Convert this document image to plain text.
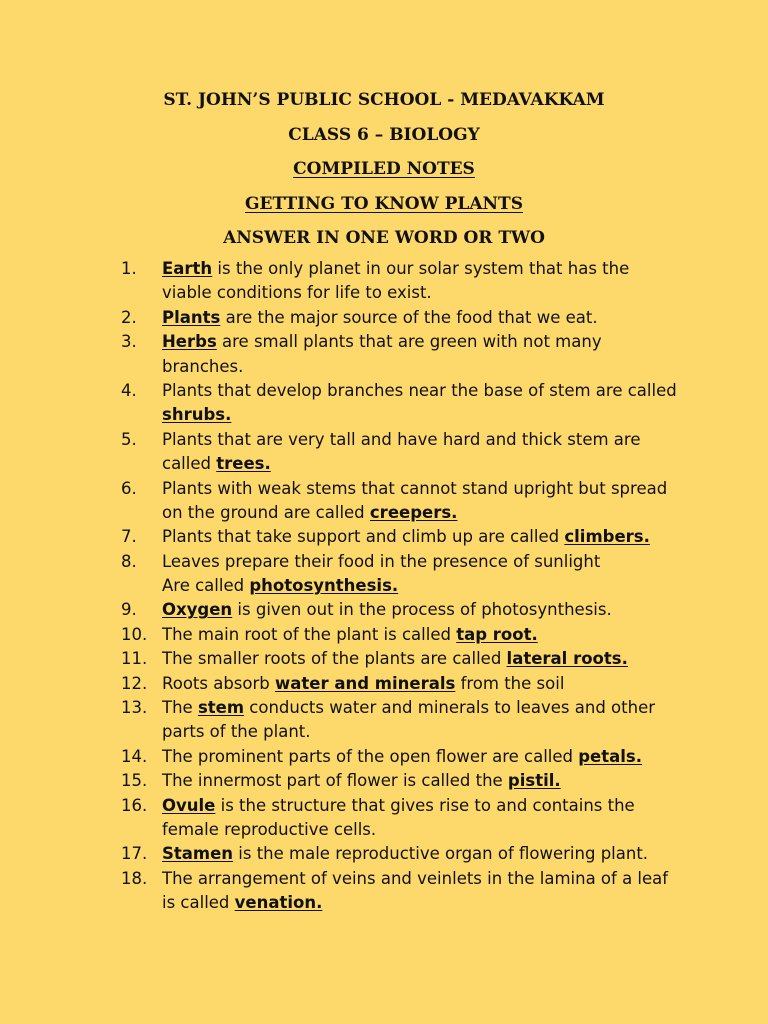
ST. JOHN’S PUBLIC SCHOOL - MEDAVAKKAM
CLASS 6 – BIOLOGY
COMPILED NOTES
GETTING TO KNOW PLANTS
ANSWER IN ONE WORD OR TWO
1.	Earth is the only planet in our solar system that has the
viable conditions for life to exist.
2.	Plants are the major source of the food that we eat.
3.	Herbs are small plants that are green with not many
branches.
4.	Plants that develop branches near the base of stem are called
shrubs.
5.	Plants that are very tall and have hard and thick stem are
called trees.
6.	Plants with weak stems that cannot stand upright but spread
on the ground are called creepers.
7.	Plants that take support and climb up are called climbers.
8.	Leaves prepare their food in the presence of sunlight
Are called photosynthesis.
9.	Oxygen is given out in the process of photosynthesis.
10. The main root of the plant is called tap root.
11. The smaller roots of the plants are called lateral roots.
12. Roots absorb water and minerals from the soil
13. The stem conducts water and minerals to leaves and other
parts of the plant.
14. The prominent parts of the open flower are called petals.
15. The innermost part of flower is called the pistil.
16. Ovule is the structure that gives rise to and contains the
female reproductive cells.
17. Stamen is the male reproductive organ of flowering plant.
18. The arrangement of veins and veinlets in the lamina of a leaf
is called venation.
